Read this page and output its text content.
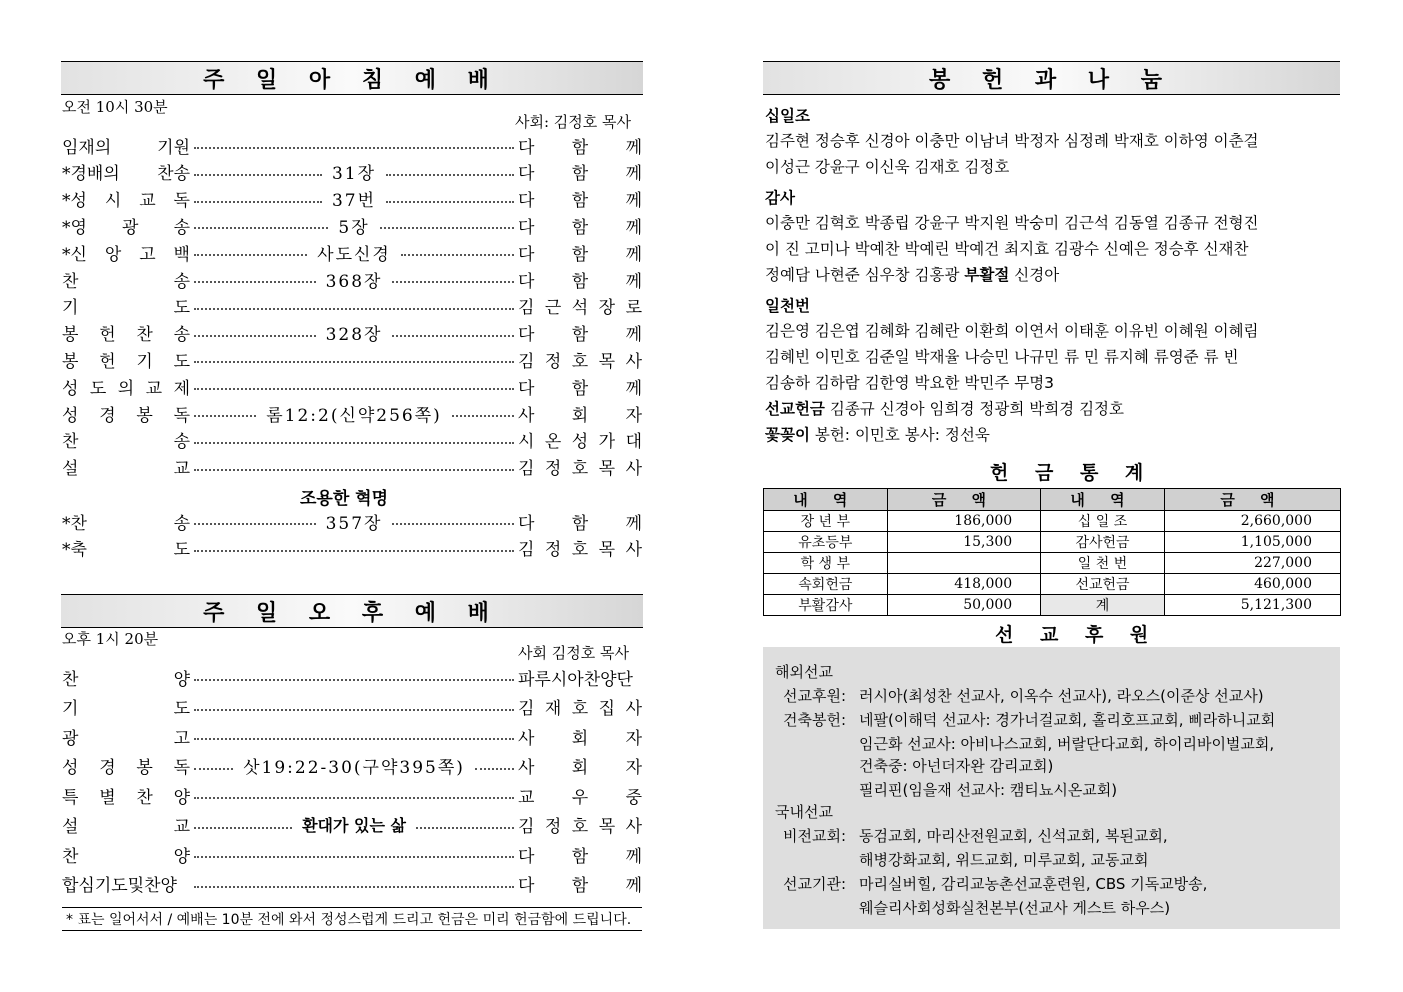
주 일 아 침 예 배
오전 10시 30분
사회: 김정호 목사
임재의	기원	다 함 께
*경배의 찬송	31장	다 함 께
*성 시 교 독	37번	다 함 께
*영 광 송	5장	다 함 께
*신 앙 고 백	사도신경	다 함 께
찬	송	368장	다 함 께
기	도	김 근 석 장 로
봉 헌 찬 송	328장	다 함 께
봉 헌 기 도	김 정 호 목 사
성 도 의 교 제	다 함 께
성 경 봉 독	롬12:2(신약256쪽)	사 회 자
찬	송	시 온 성 가 대
설	교	김 정 호 목 사
조용한 혁명
*찬	송	357장	다 함 께
*축	도	김 정 호 목 사
주 일 오 후 예 배
오후 1시 20분
사회 김정호 목사
찬	양	파루시아찬양단
기	도	김 재 호 집 사
광	고	사 회 자
성 경 봉 독	삿19:22-30(구약395쪽)	사 회 자
특 별 찬 양	교 우 중
설	교	환대가 있는 삶	김 정 호 목 사
찬	양	다 함 께
합심기도및찬양	다 함 께
* 표는 일어서서 / 예배는 10분 전에 와서 정성스럽게 드리고 헌금은 미리 헌금함에 드립니다.
봉 헌 과 나 눔
십일조
김주현 정승후 신경아 이충만 이남녀 박정자 심정례 박재호 이하영 이춘걸
이성근 강윤구 이신욱 김재호 김정호
감사
이충만 김혁호 박종립 강윤구 박지원 박숭미 김근석 김동열 김종규 전형진
이 진 고미나 박예찬 박예린 박예건 최지효 김광수 신예은 정승후 신재찬
정예담 나현준 심우창 김홍광 부활절 신경아
일천번
김은영 김은엽 김혜화 김혜란 이환희 이연서 이태훈 이유빈 이혜원 이혜림
김혜빈 이민호 김준일 박재율 나승민 나규민 류 민 류지혜 류영준 류 빈
김송하 김하람 김한영 박요한 박민주 무명3
선교헌금 김종규 신경아 임희경 정광희 박희경 김정호
꽃꽂이 봉헌: 이민호 봉사: 정선욱
헌 금 통 계
내 역	금 액	내 역	금 액
장 년 부	186,000	십 일 조	2,660,000
유초등부	15,300	감사헌금	1,105,000
학 생 부		일 천 번	227,000
속회헌금	418,000	선교헌금	460,000
부활감사	50,000	계	5,121,300
선 교 후 원
해외선교
선교후원: 러시아(최성찬 선교사, 이옥수 선교사), 라오스(이준상 선교사)
건축봉헌: 네팔(이해덕 선교사: 경가너걸교회, 홀리호프교회, 삐라하니교회
임근화 선교사: 아비나스교회, 버랄단다교회, 하이리바이벌교회,
건축중: 아넌더자완 감리교회)
필리핀(임을재 선교사: 캠티뇨시온교회)
국내선교
비전교회: 동검교회, 마리산전원교회, 신석교회, 복된교회,
해병강화교회, 위드교회, 미루교회, 교동교회
선교기관: 마리실버힐, 감리교농촌선교훈련원, CBS 기독교방송,
웨슬리사회성화실천본부(선교사 게스트 하우스)
